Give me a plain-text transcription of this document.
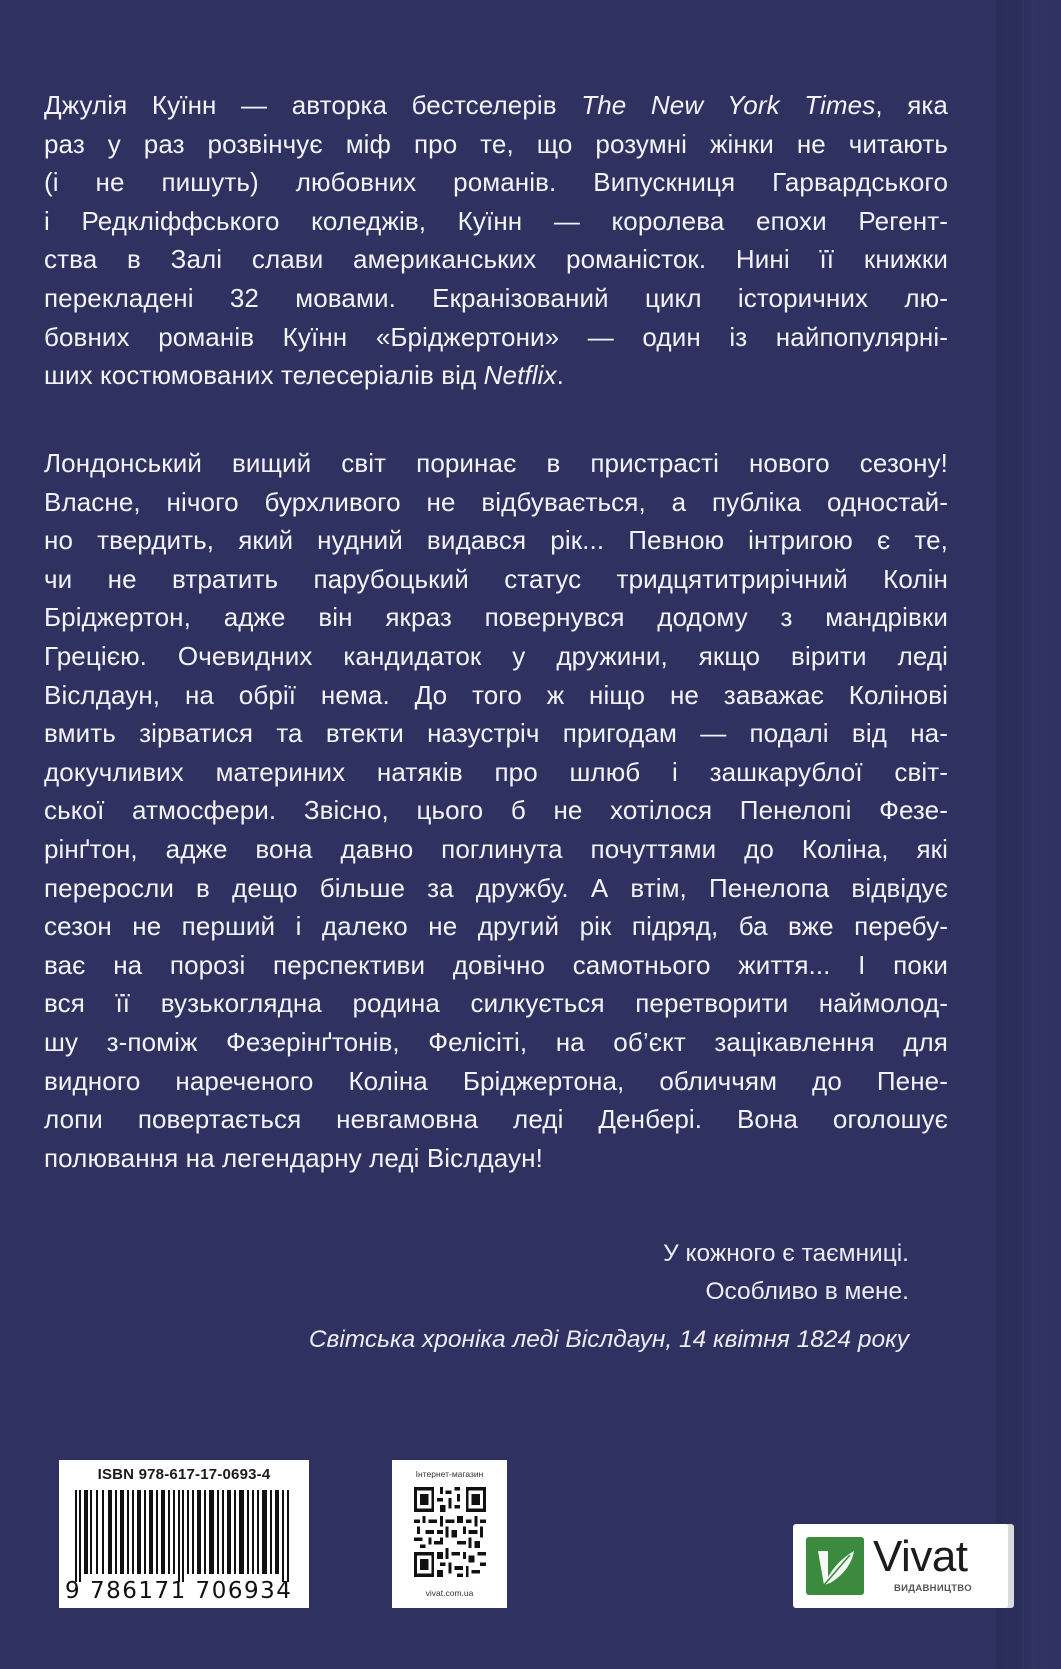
Джулія Куїнн — авторка бестселерів The New York Times, яка
раз у раз розвінчує міф про те, що розумні жінки не читають
(і не пишуть) любовних романів. Випускниця Гарвардського
і Редкліффського коледжів, Куїнн — королева епохи Регент-
ства в Залі слави американських романісток. Нині її книжки
перекладені 32 мовами. Екранізований цикл історичних лю-
бовних романів Куїнн «Бріджертони» — один із найпопулярні-
ших костюмованих телесеріалів від Netflix.
Лондонський вищий світ поринає в пристрасті нового сезону!
Власне, нічого бурхливого не відбувається, а публіка одностай-
но твердить, який нудний видався рік... Певною інтригою є те,
чи не втратить парубоцький статус тридцятитрирічний Колін
Бріджертон, адже він якраз повернувся додому з мандрівки
Грецією. Очевидних кандидаток у дружини, якщо вірити леді
Віслдаун, на обрії нема. До того ж ніщо не заважає Колінові
вмить зірватися та втекти назустріч пригодам — подалі від на-
докучливих материних натяків про шлюб і зашкарублої світ-
ської атмосфери. Звісно, цього б не хотілося Пенелопі Фезе-
рінґтон, адже вона давно поглинута почуттями до Коліна, які
переросли в дещо більше за дружбу. А втім, Пенелопа відвідує
сезон не перший і далеко не другий рік підряд, ба вже перебу-
ває на порозі перспективи довічно самотнього життя... І поки
вся її вузькоглядна родина силкується перетворити наймолод-
шу з-поміж Фезерінґтонів, Фелісіті, на об’єкт зацікавлення для
видного нареченого Коліна Бріджертона, обличчям до Пене-
лопи повертається невгамовна леді Денбері. Вона оголошує
полювання на легендарну леді Віслдаун!
У кожного є таємниці.
Особливо в мене.
Світська хроніка леді Віслдаун, 14 квітня 1824 року
ISBN 978-617-17-0693-4
9 786171 706934
Інтернет-магазин
vivat.com.ua
Vivat
ВИДАВНИЦТВО
